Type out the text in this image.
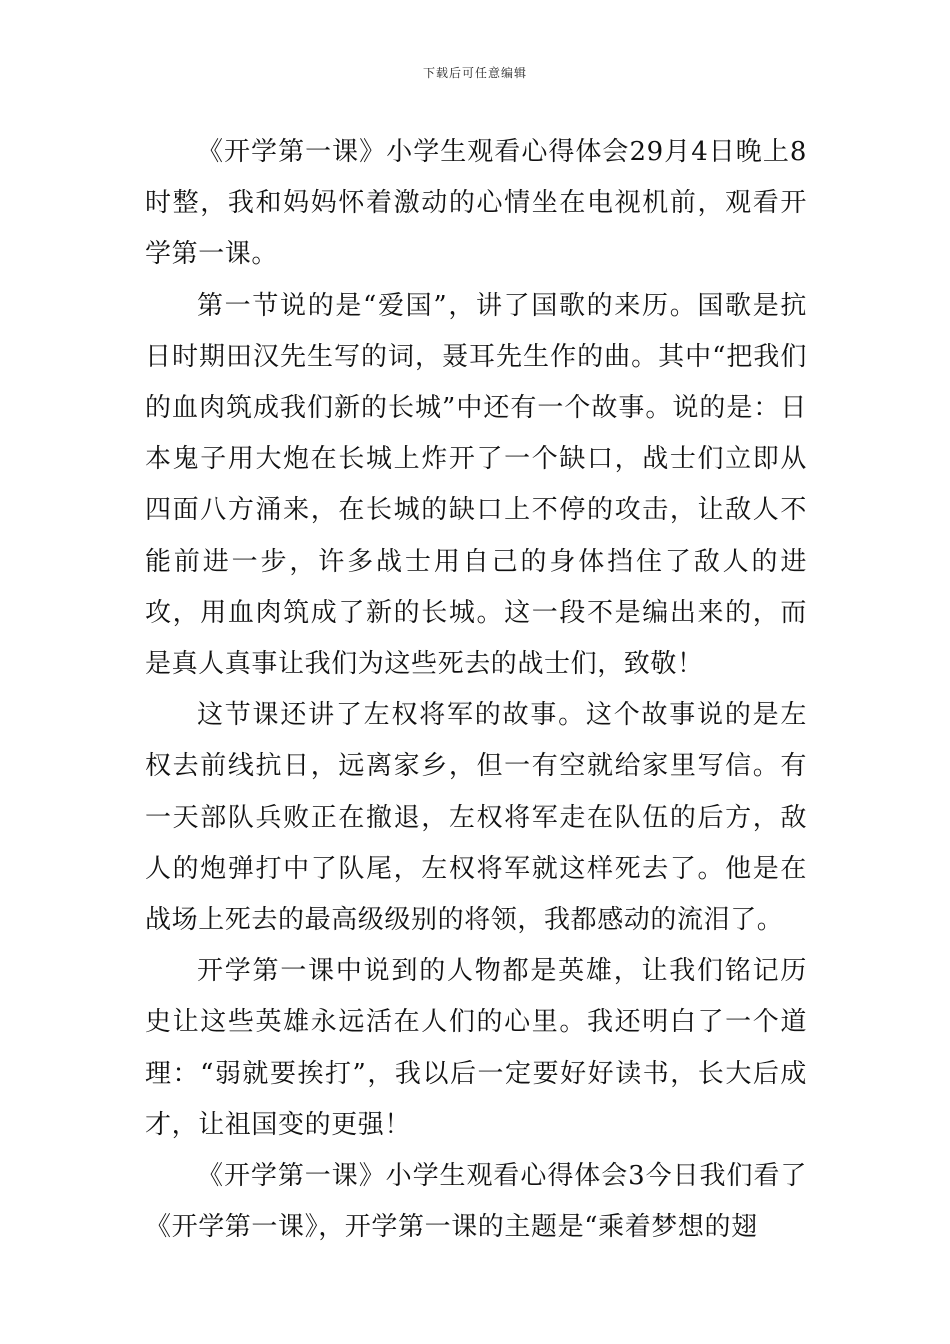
下载后可任意编辑

《开学第一课》小学生观看心得体会29月4日晚上8时整，我和妈妈怀着激动的心情坐在电视机前，观看开学第一课。

第一节说的是“爱国”，讲了国歌的来历。国歌是抗日时期田汉先生写的词，聂耳先生作的曲。其中“把我们的血肉筑成我们新的长城”中还有一个故事。说的是：日本鬼子用大炮在长城上炸开了一个缺口，战士们立即从四面八方涌来，在长城的缺口上不停的攻击，让敌人不能前进一步，许多战士用自己的身体挡住了敌人的进攻，用血肉筑成了新的长城。这一段不是编出来的，而是真人真事让我们为这些死去的战士们，致敬！

这节课还讲了左权将军的故事。这个故事说的是左权去前线抗日，远离家乡，但一有空就给家里写信。有一天部队兵败正在撤退，左权将军走在队伍的后方，敌人的炮弹打中了队尾，左权将军就这样死去了。他是在战场上死去的最高级级别的将领，我都感动的流泪了。

开学第一课中说到的人物都是英雄，让我们铭记历史让这些英雄永远活在人们的心里。我还明白了一个道理：“弱就要挨打”，我以后一定要好好读书，长大后成才，让祖国变的更强！

《开学第一课》小学生观看心得体会3今日我们看了《开学第一课》，开学第一课的主题是“乘着梦想的翅
